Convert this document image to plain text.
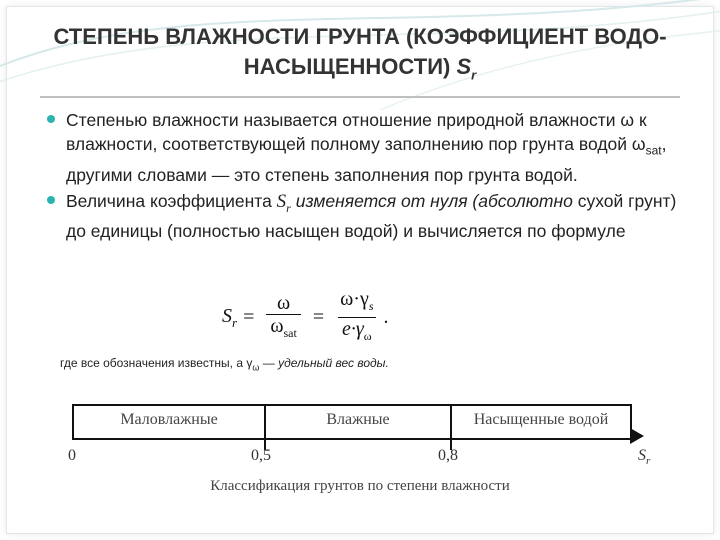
СТЕПЕНЬ ВЛАЖНОСТИ ГРУНТА (КОЭФФИЦИЕНТ ВОДО-
НАСЫЩЕННОСТИ) $S_r$
Степенью влажности называется отношение природной влажности ω к влажности, соответствующей полному заполнению пор грунта водой $\omega_{sat}$, другими словами — это степень заполнения пор грунта водой.
Величина коэффициента $S_r$ изменяется от нуля (абсолютно сухой грунт) до единицы (полностью насыщен водой) и вычисляется по формуле
$S_r = \frac{\omega}{\omega_{sat}} = \frac{\omega\cdot\gamma_s}{e\cdot\gamma_\omega}$ .
где все обозначения известны, а $\gamma_\omega$ — удельный вес воды.
Маловлажные	Влажные	Насыщенные водой
0	0,5	0,8	$S_r$
Классификация грунтов по степени влажности
